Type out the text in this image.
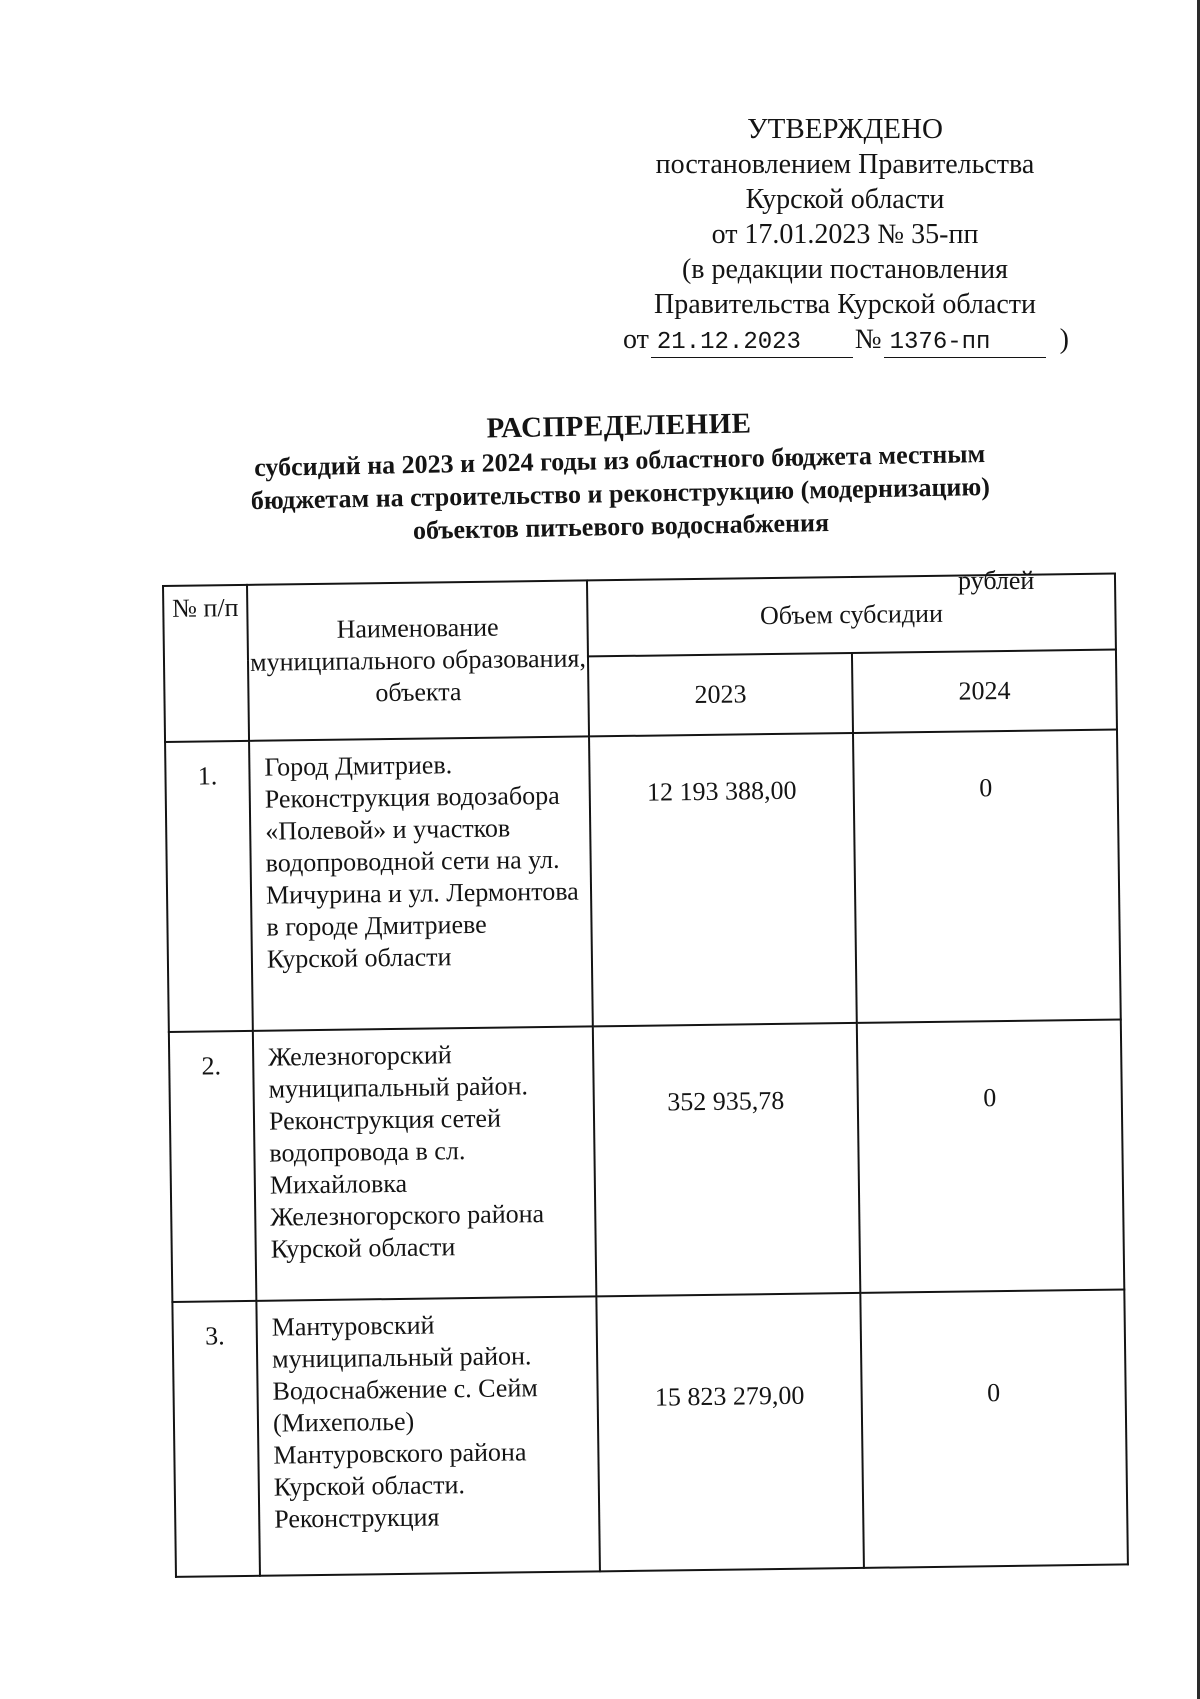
УТВЕРЖДЕНО
постановлением Правительства
Курской области
от 17.01.2023 № 35-пп
(в редакции постановления
Правительства Курской области
от 21.12.2023	№ 1376-пп	)
РАСПРЕДЕЛЕНИЕ
субсидий на 2023 и 2024 годы из областного бюджета местным
бюджетам на строительство и реконструкцию (модернизацию)
объектов питьевого водоснабжения
рублей
№ п/п	Наименование муниципального образования, объекта	Объем субсидии	
		2023	2024
1.	Город Дмитриев. Реконструкция водозабора «Полевой» и участков водопроводной сети на ул. Мичурина и ул. Лермонтова в городе Дмитриеве Курской области	12 193 388,00	0
2.	Железногорский муниципальный район. Реконструкция сетей водопровода в сл. Михайловка Железногорского района Курской области	352 935,78	0
3.	Мантуровский муниципальный район. Водоснабжение с. Сейм (Михеполье) Мантуровского района Курской области. Реконструкция	15 823 279,00	0
